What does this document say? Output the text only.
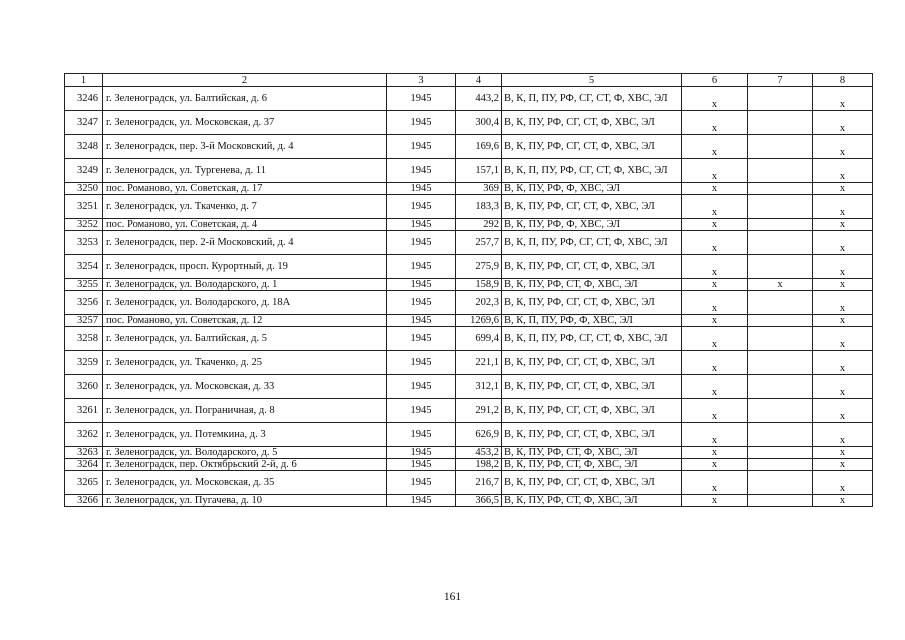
1	2	3	4	5	6	7	8
3246	г. Зеленоградск, ул. Балтийская, д. 6	1945	443,2	В, К, П, ПУ, РФ, СГ, СТ, Ф, ХВС, ЭЛ	x		x
3247	г. Зеленоградск, ул. Московская, д. 37	1945	300,4	В, К, ПУ, РФ, СГ, СТ, Ф, ХВС, ЭЛ	x		x
3248	г. Зеленоградск, пер. 3-й Московский, д. 4	1945	169,6	В, К, ПУ, РФ, СГ, СТ, Ф, ХВС, ЭЛ	x		x
3249	г. Зеленоградск, ул. Тургенева, д. 11	1945	157,1	В, К, П, ПУ, РФ, СГ, СТ, Ф, ХВС, ЭЛ	x		x
3250	пос. Романово, ул. Советская, д. 17	1945	369	В, К, ПУ, РФ, Ф, ХВС, ЭЛ	x		x
3251	г. Зеленоградск, ул. Ткаченко, д. 7	1945	183,3	В, К, ПУ, РФ, СГ, СТ, Ф, ХВС, ЭЛ	x		x
3252	пос. Романово, ул. Советская, д. 4	1945	292	В, К, ПУ, РФ, Ф, ХВС, ЭЛ	x		x
3253	г. Зеленоградск, пер. 2-й Московский, д. 4	1945	257,7	В, К, П, ПУ, РФ, СГ, СТ, Ф, ХВС, ЭЛ	x		x
3254	г. Зеленоградск, просп. Курортный, д. 19	1945	275,9	В, К, ПУ, РФ, СГ, СТ, Ф, ХВС, ЭЛ	x		x
3255	г. Зеленоградск, ул. Володарского, д. 1	1945	158,9	В, К, ПУ, РФ, СТ, Ф, ХВС, ЭЛ	x	x	x
3256	г. Зеленоградск, ул. Володарского, д. 18А	1945	202,3	В, К, ПУ, РФ, СГ, СТ, Ф, ХВС, ЭЛ	x		x
3257	пос. Романово, ул. Советская, д. 12	1945	1269,6	В, К, П, ПУ, РФ, Ф, ХВС, ЭЛ	x		x
3258	г. Зеленоградск, ул. Балтийская, д. 5	1945	699,4	В, К, П, ПУ, РФ, СГ, СТ, Ф, ХВС, ЭЛ	x		x
3259	г. Зеленоградск, ул. Ткаченко, д. 25	1945	221,1	В, К, ПУ, РФ, СГ, СТ, Ф, ХВС, ЭЛ	x		x
3260	г. Зеленоградск, ул. Московская, д. 33	1945	312,1	В, К, ПУ, РФ, СГ, СТ, Ф, ХВС, ЭЛ	x		x
3261	г. Зеленоградск, ул. Пограничная, д. 8	1945	291,2	В, К, ПУ, РФ, СГ, СТ, Ф, ХВС, ЭЛ	x		x
3262	г. Зеленоградск, ул. Потемкина, д. 3	1945	626,9	В, К, ПУ, РФ, СГ, СТ, Ф, ХВС, ЭЛ	x		x
3263	г. Зеленоградск, ул. Володарского, д. 5	1945	453,2	В, К, ПУ, РФ, СТ, Ф, ХВС, ЭЛ	x		x
3264	г. Зеленоградск, пер. Октябрьский 2-й, д. 6	1945	198,2	В, К, ПУ, РФ, СТ, Ф, ХВС, ЭЛ	x		x
3265	г. Зеленоградск, ул. Московская, д. 35	1945	216,7	В, К, ПУ, РФ, СГ, СТ, Ф, ХВС, ЭЛ	x		x
3266	г. Зеленоградск, ул. Пугачева, д. 10	1945	366,5	В, К, ПУ, РФ, СТ, Ф, ХВС, ЭЛ	x		x
161
